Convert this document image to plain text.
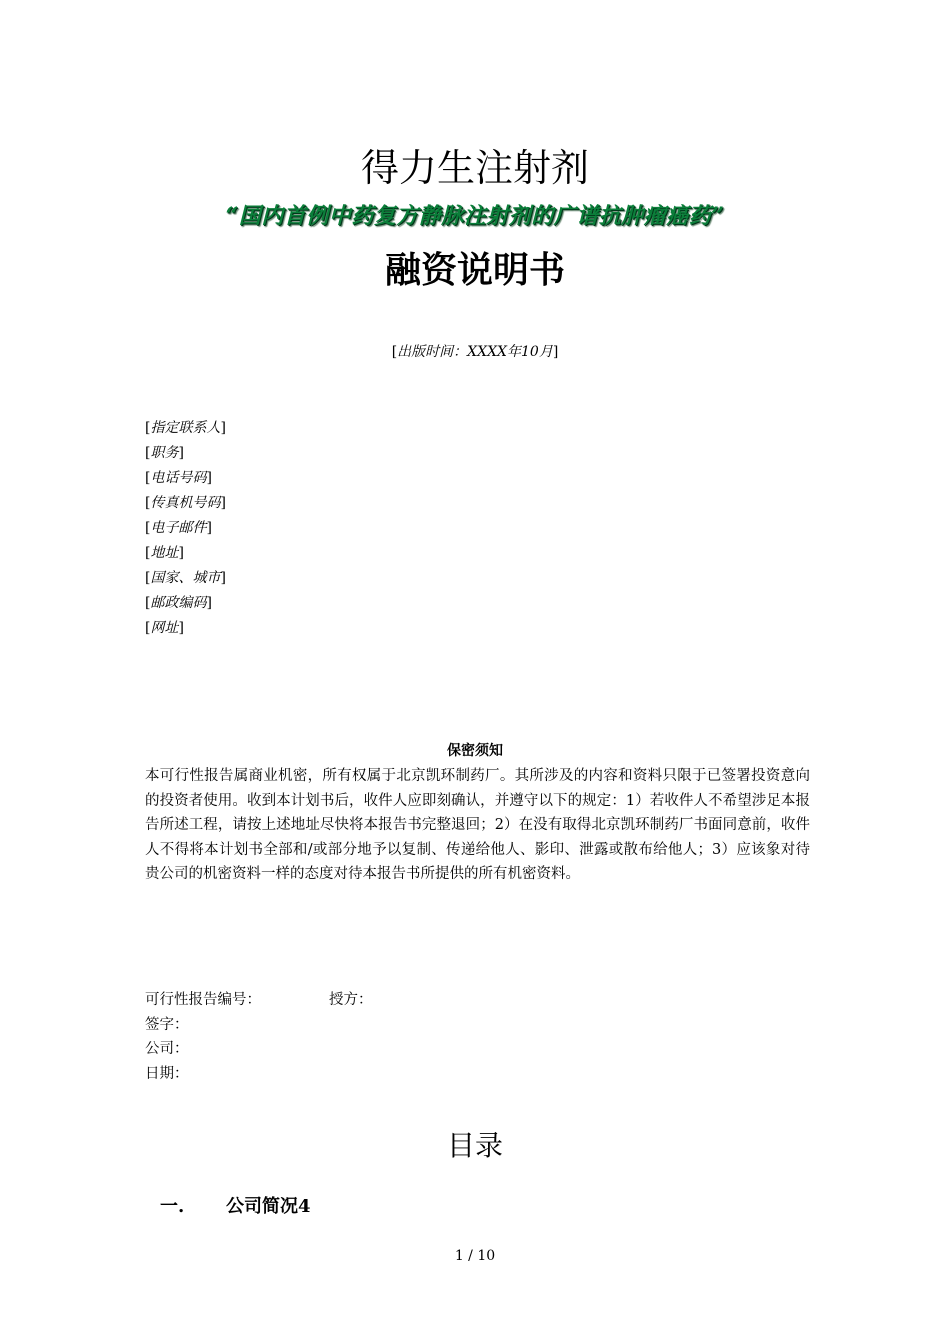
得力生注射剂
“国内首例中药复方静脉注射剂的广谱抗肿瘤癌药”
融资说明书
[出版时间：XXXX年10月]
[指定联系人]
[职务]
[电话号码]
[传真机号码]
[电子邮件]
[地址]
[国家、城市]
[邮政编码]
[网址]
保密须知

本可行性报告属商业机密，所有权属于北京凯环制药厂。其所涉及的内容和资料只限于已签署投资意向的投资者使用。收到本计划书后，收件人应即刻确认，并遵守以下的规定：1）若收件人不希望涉足本报告所述工程，请按上述地址尽快将本报告书完整退回；2）在没有取得北京凯环制药厂书面同意前，收件人不得将本计划书全部和/或部分地予以复制、传递给他人、影印、泄露或散布给他人；3）应该象对待贵公司的机密资料一样的态度对待本报告书所提供的所有机密资料。

可行性报告编号：	授方：
签字：
公司：
日期：
目录
一. 公司简况4
1 / 10
